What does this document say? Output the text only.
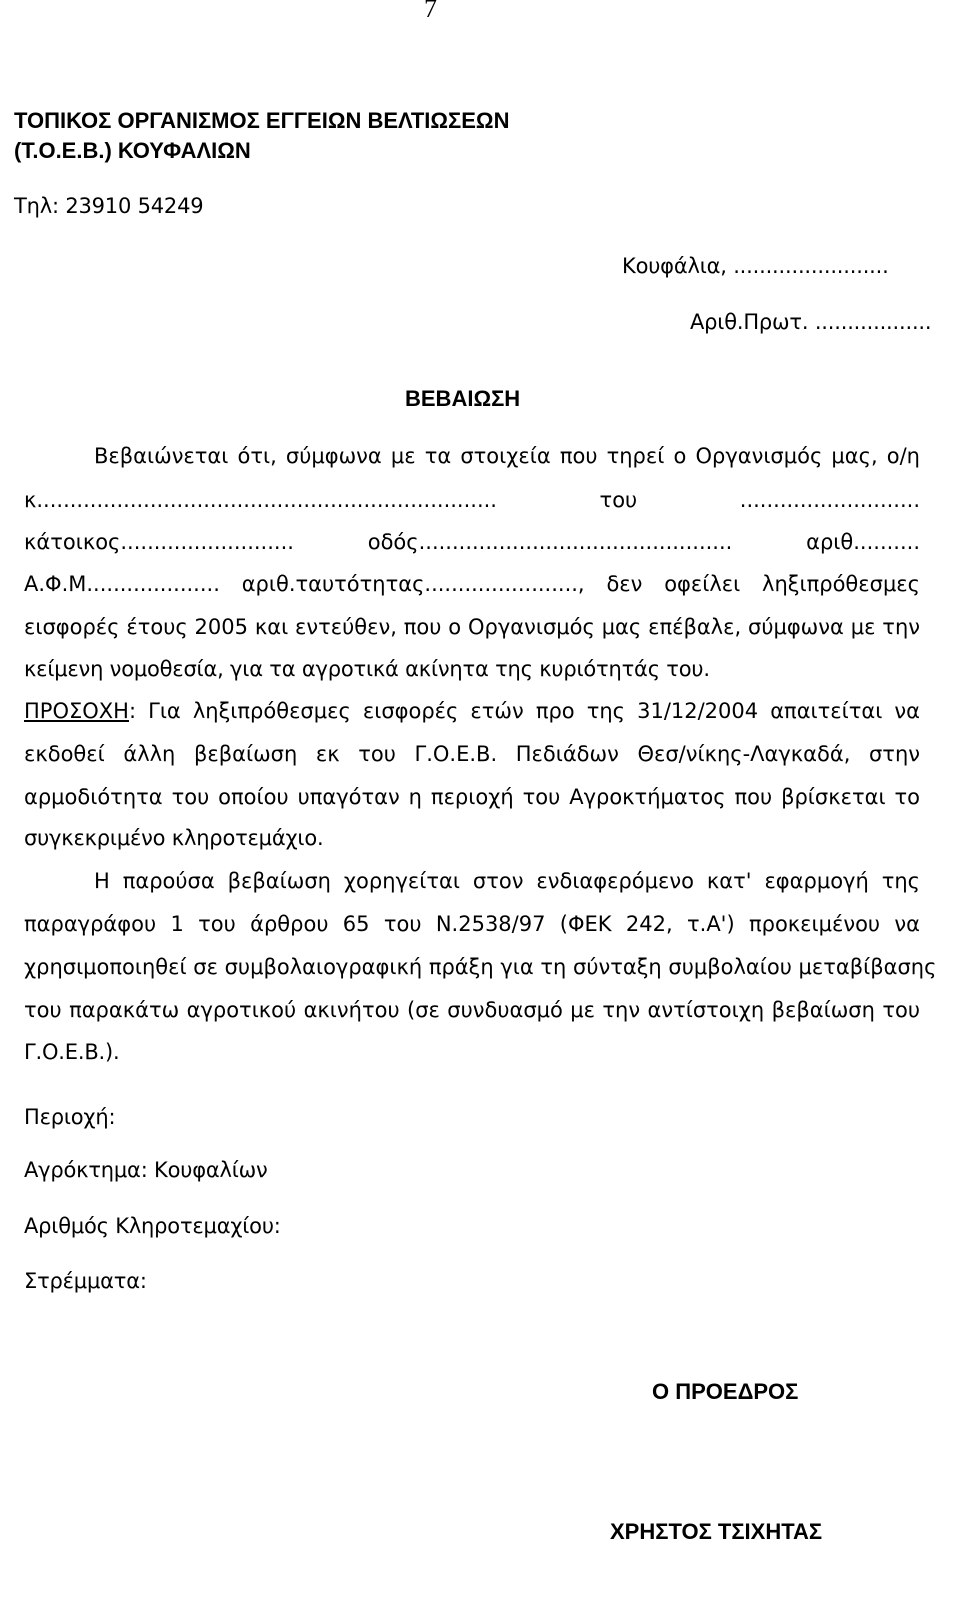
7
ΤΟΠΙΚΟΣ ΟΡΓΑΝΙΣΜΟΣ ΕΓΓΕΙΩΝ ΒΕΛΤΙΩΣΕΩΝ
(Τ.Ο.Ε.Β.) ΚΟΥΦΑΛΙΩΝ
Τηλ: 23910 54249
Κουφάλια, ........................
Αριθ.Πρωτ. ..................
ΒΕΒΑΙΩΣΗ
Βεβαιώνεται ότι, σύμφωνα με τα στοιχεία που τηρεί ο Οργανισμός μας, ο/η
κ.....................................................................	του	...........................
κάτοικος..........................	οδός...............................................	αριθ..........
Α.Φ.Μ.................... αριθ.ταυτότητας......................., δεν οφείλει ληξιπρόθεσμες
εισφορές έτους 2005 και εντεύθεν, που ο Οργανισμός μας επέβαλε, σύμφωνα με την
κείμενη νομοθεσία, για τα αγροτικά ακίνητα της κυριότητάς του.
ΠΡΟΣΟΧΗ: Για ληξιπρόθεσμες εισφορές ετών προ της 31/12/2004 απαιτείται να
εκδοθεί άλλη βεβαίωση εκ του Γ.Ο.Ε.Β. Πεδιάδων Θεσ/νίκης-Λαγκαδά, στην
αρμοδιότητα του οποίου υπαγόταν η περιοχή του Αγροκτήματος που βρίσκεται το
συγκεκριμένο κληροτεμάχιο.
Η παρούσα βεβαίωση χορηγείται στον ενδιαφερόμενο κατ' εφαρμογή της
παραγράφου 1 του άρθρου 65 του Ν.2538/97 (ΦΕΚ 242, τ.Α') προκειμένου να
χρησιμοποιηθεί σε συμβολαιογραφική πράξη για τη σύνταξη συμβολαίου μεταβίβασης
του παρακάτω αγροτικού ακινήτου (σε συνδυασμό με την αντίστοιχη βεβαίωση του
Γ.Ο.Ε.Β.).
Περιοχή:
Αγρόκτημα: Κουφαλίων
Αριθμός Κληροτεμαχίου:
Στρέμματα:
Ο ΠΡΟΕΔΡΟΣ
ΧΡΗΣΤΟΣ ΤΣΙΧΗΤΑΣ
